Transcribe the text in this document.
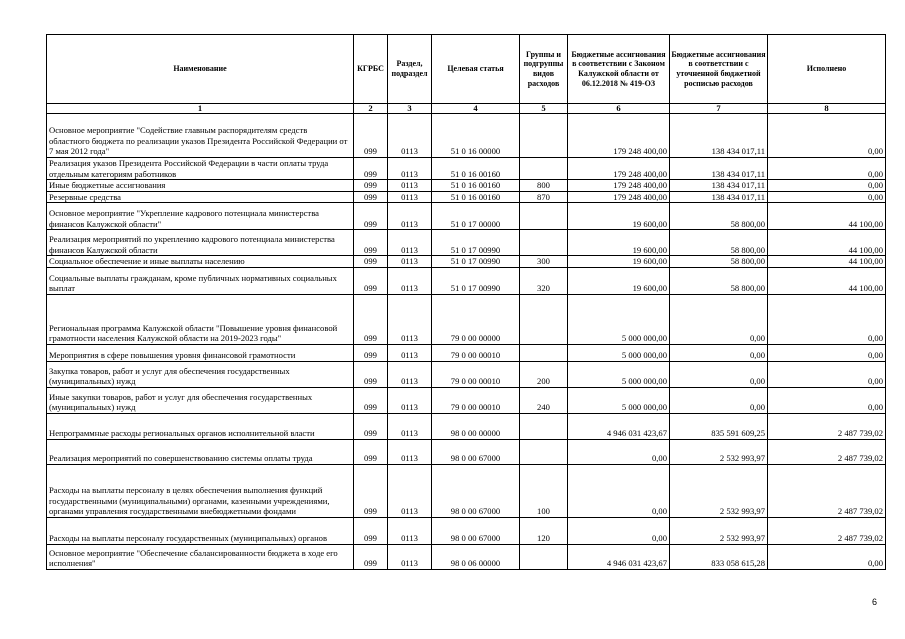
Наименование	КГРБС	Раздел, подраздел	Целевая статья	Группы и подгруппы видов расходов	Бюджетные ассигнования в соответствии с Законом Калужской области от 06.12.2018 № 419-ОЗ	Бюджетные ассигнования в соответствии с уточненной бюджетной росписью расходов	Исполнено
1	2	3	4	5	6	7	8
Основное мероприятие "Содействие главным распорядителям средств областного бюджета по реализации указов Президента Российской Федерации от 7 мая 2012 года"	099	0113	51 0 16 00000		179 248 400,00	138 434 017,11	0,00
Реализация указов Президента Российской Федерации в части оплаты труда отдельным категориям работников	099	0113	51 0 16 00160		179 248 400,00	138 434 017,11	0,00
Иные бюджетные ассигнования	099	0113	51 0 16 00160	800	179 248 400,00	138 434 017,11	0,00
Резервные средства	099	0113	51 0 16 00160	870	179 248 400,00	138 434 017,11	0,00
Основное мероприятие "Укрепление кадрового потенциала министерства финансов Калужской области"	099	0113	51 0 17 00000		19 600,00	58 800,00	44 100,00
Реализация мероприятий по укреплению кадрового потенциала министерства финансов Калужской области	099	0113	51 0 17 00990		19 600,00	58 800,00	44 100,00
Социальное обеспечение и иные выплаты населению	099	0113	51 0 17 00990	300	19 600,00	58 800,00	44 100,00
Социальные выплаты гражданам, кроме публичных нормативных социальных выплат	099	0113	51 0 17 00990	320	19 600,00	58 800,00	44 100,00
Региональная программа Калужской области "Повышение уровня финансовой грамотности населения Калужской области на 2019-2023 годы"	099	0113	79 0 00 00000		5 000 000,00	0,00	0,00
Мероприятия в сфере повышения уровня финансовой грамотности	099	0113	79 0 00 00010		5 000 000,00	0,00	0,00
Закупка товаров, работ и услуг для обеспечения государственных (муниципальных) нужд	099	0113	79 0 00 00010	200	5 000 000,00	0,00	0,00
Иные закупки товаров, работ и услуг для обеспечения государственных (муниципальных) нужд	099	0113	79 0 00 00010	240	5 000 000,00	0,00	0,00
Непрограммные расходы региональных органов исполнительной власти	099	0113	98 0 00 00000		4 946 031 423,67	835 591 609,25	2 487 739,02
Реализация мероприятий по совершенствованию системы оплаты труда	099	0113	98 0 00 67000		0,00	2 532 993,97	2 487 739,02
Расходы на выплаты персоналу в целях обеспечения выполнения функций государственными (муниципальными) органами, казенными учреждениями, органами управления государственными внебюджетными фондами	099	0113	98 0 00 67000	100	0,00	2 532 993,97	2 487 739,02
Расходы на выплаты персоналу государственных (муниципальных) органов	099	0113	98 0 00 67000	120	0,00	2 532 993,97	2 487 739,02
Основное мероприятие "Обеспечение сбалансированности бюджета в ходе его исполнения"	099	0113	98 0 06 00000		4 946 031 423,67	833 058 615,28	0,00
6
